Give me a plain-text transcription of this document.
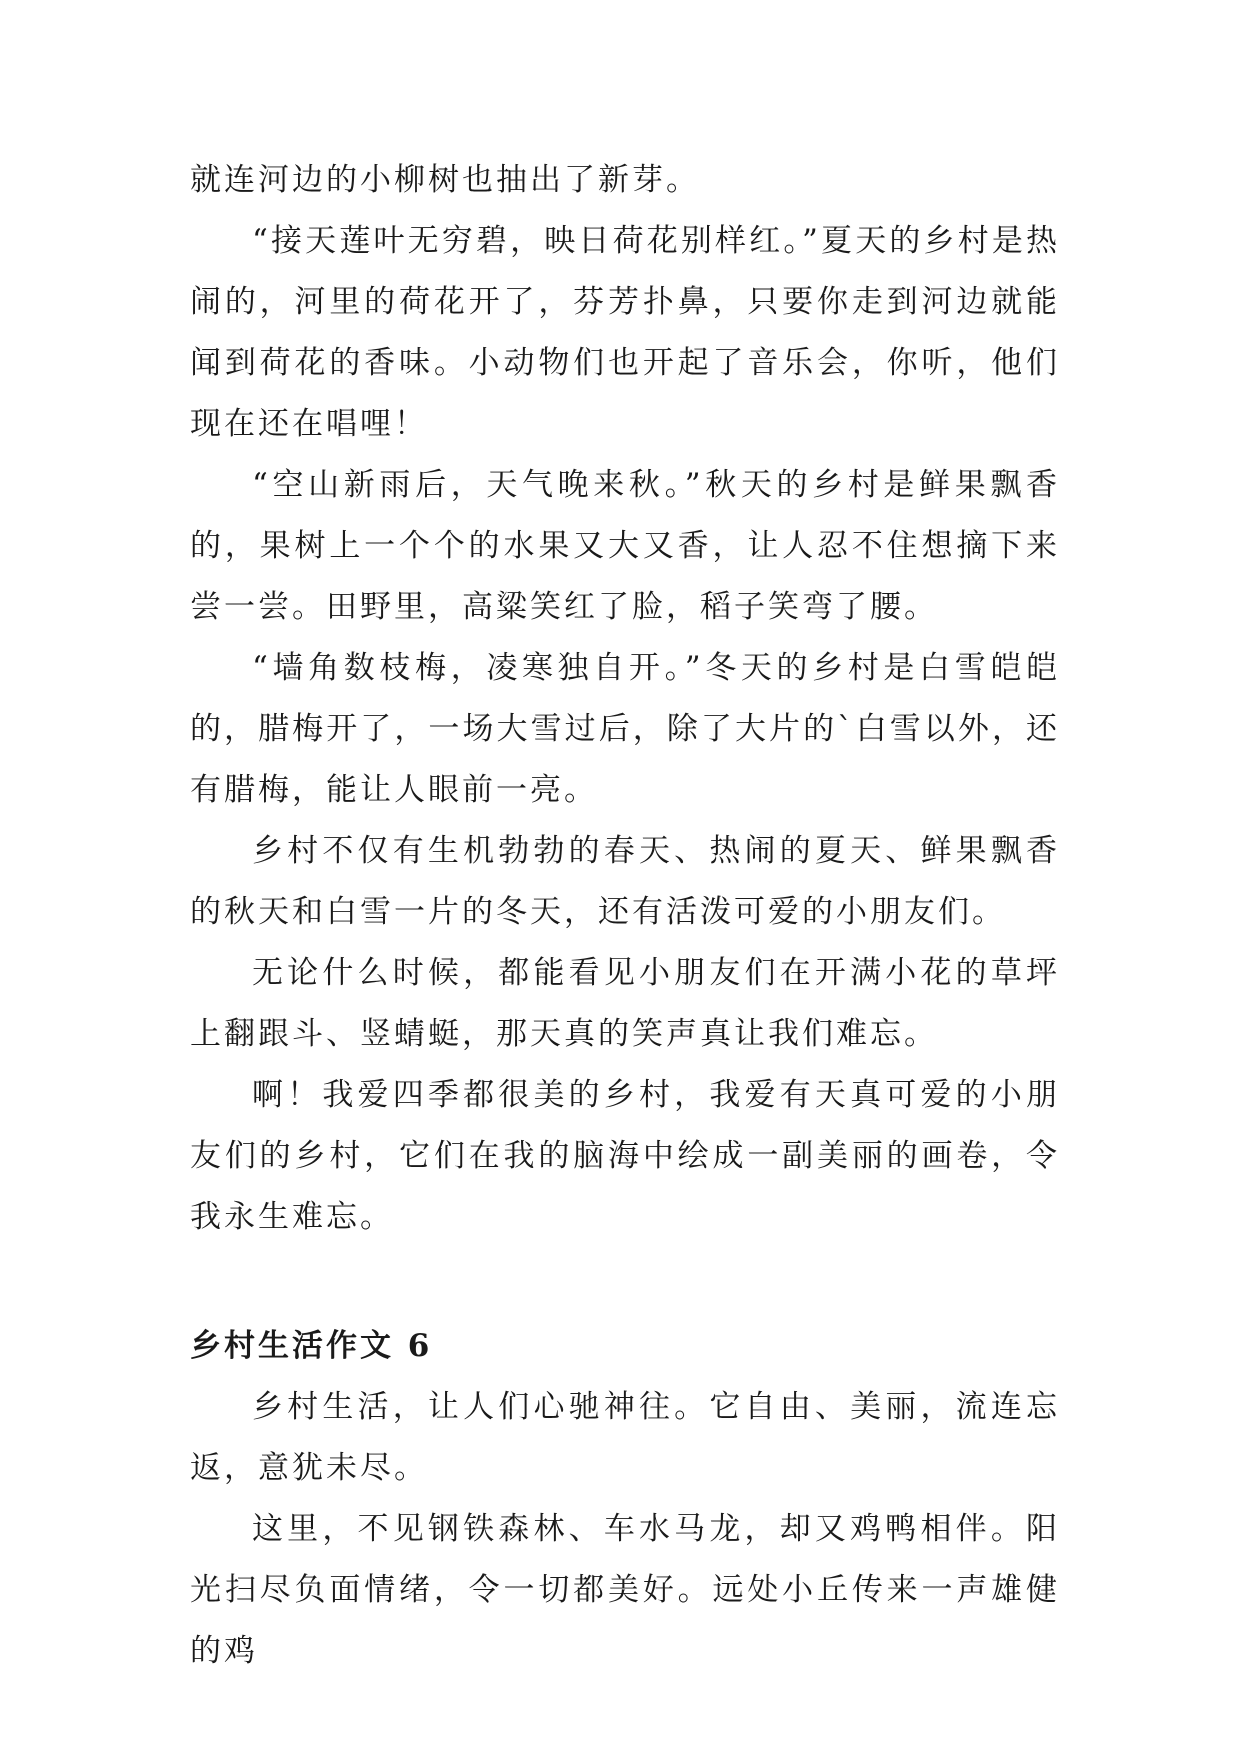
就连河边的小柳树也抽出了新芽。

“接天莲叶无穷碧，映日荷花别样红。”夏天的乡村是热闹的，河里的荷花开了，芬芳扑鼻，只要你走到河边就能闻到荷花的香味。小动物们也开起了音乐会，你听，他们现在还在唱哩！

“空山新雨后，天气晚来秋。”秋天的乡村是鲜果飘香的，果树上一个个的水果又大又香，让人忍不住想摘下来尝一尝。田野里，高粱笑红了脸，稻子笑弯了腰。

“墙角数枝梅，凌寒独自开。”冬天的乡村是白雪皑皑的，腊梅开了，一场大雪过后，除了大片的`白雪以外，还有腊梅，能让人眼前一亮。

乡村不仅有生机勃勃的春天、热闹的夏天、鲜果飘香的秋天和白雪一片的冬天，还有活泼可爱的小朋友们。

无论什么时候，都能看见小朋友们在开满小花的草坪上翻跟斗、竖蜻蜓，那天真的笑声真让我们难忘。

啊！我爱四季都很美的乡村，我爱有天真可爱的小朋友们的乡村，它们在我的脑海中绘成一副美丽的画卷，令我永生难忘。

乡村生活作文 6

乡村生活，让人们心驰神往。它自由、美丽，流连忘返，意犹未尽。

这里，不见钢铁森林、车水马龙，却又鸡鸭相伴。阳光扫尽负面情绪，令一切都美好。远处小丘传来一声雄健的鸡
